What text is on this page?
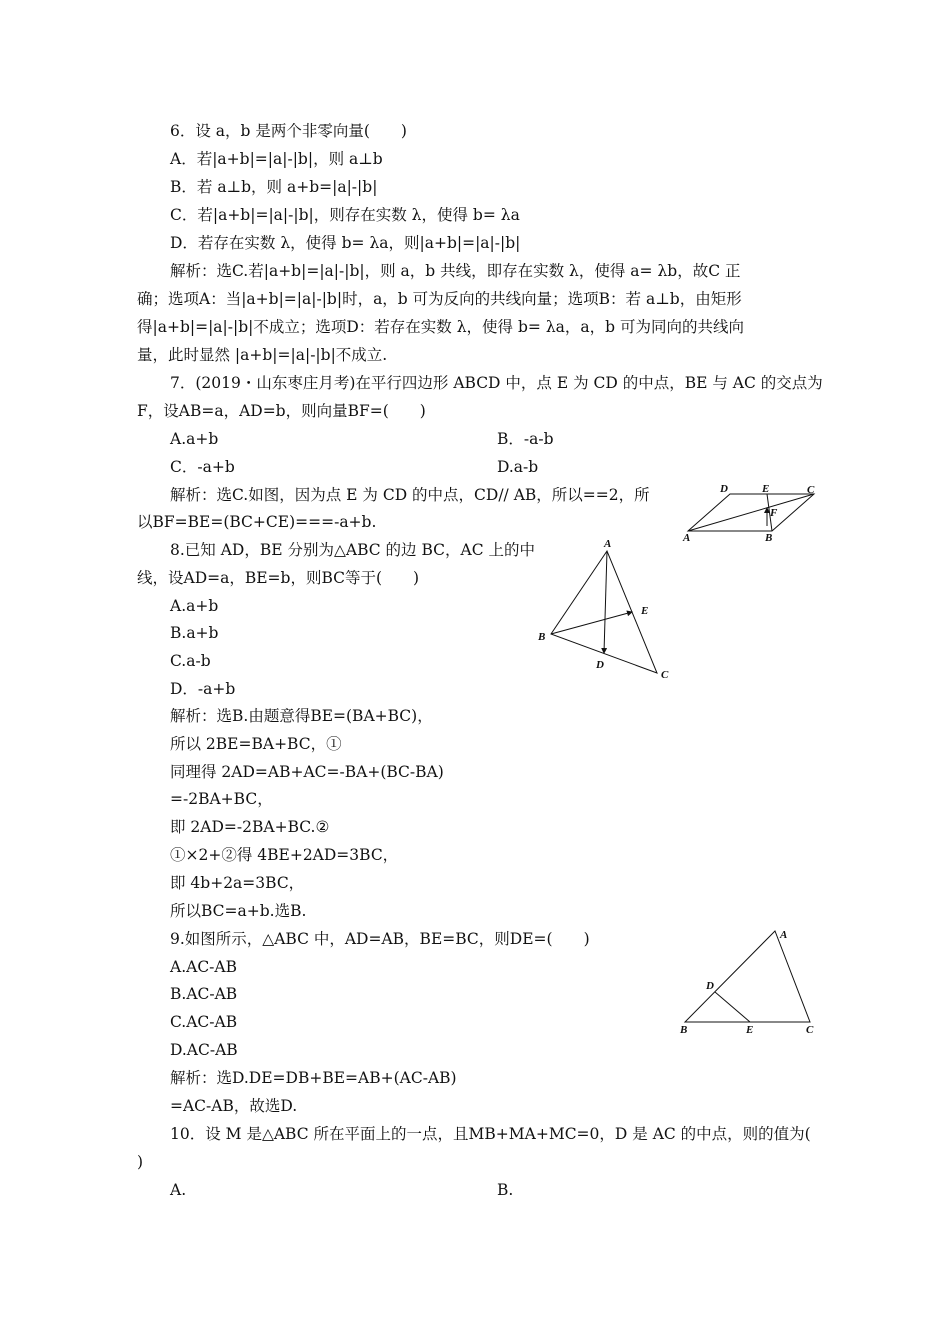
6．设 a，b 是两个非零向量(　　)
A．若|a+b|=|a|-|b|，则 a⊥b
B．若 a⊥b，则 a+b=|a|-|b|
C．若|a+b|=|a|-|b|，则存在实数 λ，使得 b= λa
D．若存在实数 λ，使得 b= λa，则|a+b|=|a|-|b|
解析：选C.若|a+b|=|a|-|b|，则 a，b 共线，即存在实数 λ，使得 a= λb，故C 正
确；选项A：当|a+b|=|a|-|b|时，a，b 可为反向的共线向量；选项B：若 a⊥b，由矩形
得|a+b|=|a|-|b|不成立；选项D：若存在实数 λ，使得 b= λa，a，b 可为同向的共线向
量，此时显然 |a+b|=|a|-|b|不成立.
7．(2019・山东枣庄月考)在平行四边形 ABCD 中，点 E 为 CD 的中点，BE 与 AC 的交点为
F，设AB=a，AD=b，则向量BF=(　　)
A.a+b	B．-a-b
C．-a+b	D.a-b
解析：选C.如图，因为点 E 为 CD 的中点，CD// AB，所以==2，所
以BF=BE=(BC+CE)===-a+b.
8.已知 AD，BE 分别为△ABC 的边 BC，AC 上的中
线，设AD=a，BE=b，则BC等于(　　)
A.a+b
B.a+b
C.a-b
D．-a+b
解析：选B.由题意得BE=(BA+BC)，
所以 2BE=BA+BC，①
同理得 2AD=AB+AC=-BA+(BC-BA)
=-2BA+BC，
即 2AD=-2BA+BC.②
①×2+②得 4BE+2AD=3BC，
即 4b+2a=3BC，
所以BC=a+b.选B.
9.如图所示，△ABC 中，AD=AB，BE=BC，则DE=(　　)
A.AC-AB
B.AC-AB
C.AC-AB
D.AC-AB
解析：选D.DE=DB+BE=AB+(AC-AB)
=AC-AB，故选D.
10．设 M 是△ABC 所在平面上的一点，且MB+MA+MC=0，D 是 AC 的中点，则的值为(
)
A.	B.
D	E	C
F
A	B
A
E
B
D
C
A
D
B	E	C
